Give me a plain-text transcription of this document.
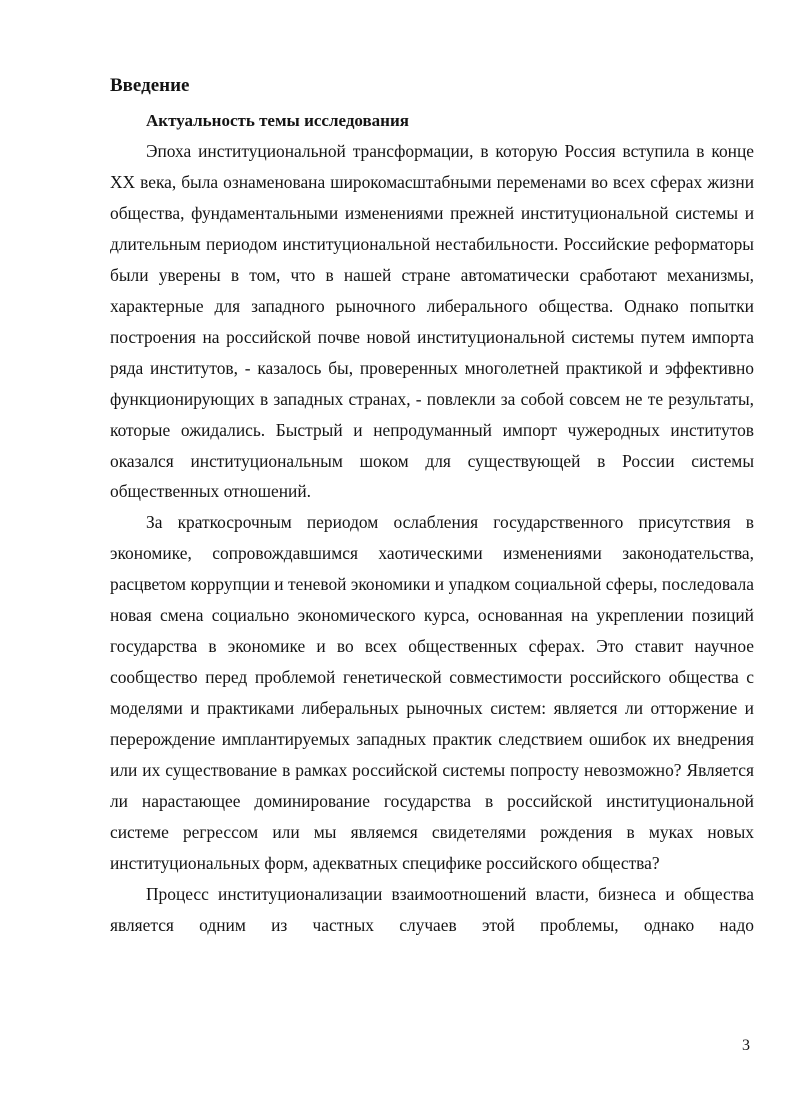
Введение
Актуальность темы исследования

Эпоха институциональной трансформации, в которую Россия вступила в конце XX века, была ознаменована широкомасштабными переменами во всех сферах жизни общества, фундаментальными изменениями прежней институциональной системы и длительным периодом институциональной нестабильности. Российские реформаторы были уверены в том, что в нашей стране автоматически сработают механизмы, характерные для западного рыночного либерального общества. Однако попытки построения на российской почве новой институциональной системы путем импорта ряда институтов, - казалось бы, проверенных многолетней практикой и эффективно функционирующих в западных странах, - повлекли за собой совсем не те результаты, которые ожидались. Быстрый и непродуманный импорт чужеродных институтов оказался институциональным шоком для существующей в России системы общественных отношений.

За краткосрочным периодом ослабления государственного присутствия в экономике, сопровождавшимся хаотическими изменениями законодательства, расцветом коррупции и теневой экономики и упадком социальной сферы, последовала новая смена социально экономического курса, основанная на укреплении позиций государства в экономике и во всех общественных сферах. Это ставит научное сообщество перед проблемой генетической совместимости российского общества с моделями и практиками либеральных рыночных систем: является ли отторжение и перерождение имплантируемых западных практик следствием ошибок их внедрения или их существование в рамках российской системы попросту невозможно? Является ли нарастающее доминирование государства в российской институциональной системе регрессом или мы являемся свидетелями рождения в муках новых институциональных форм, адекватных специфике российского общества?

Процесс институционализации взаимоотношений власти, бизнеса и общества является одним из частных случаев этой проблемы, однако надо

3
